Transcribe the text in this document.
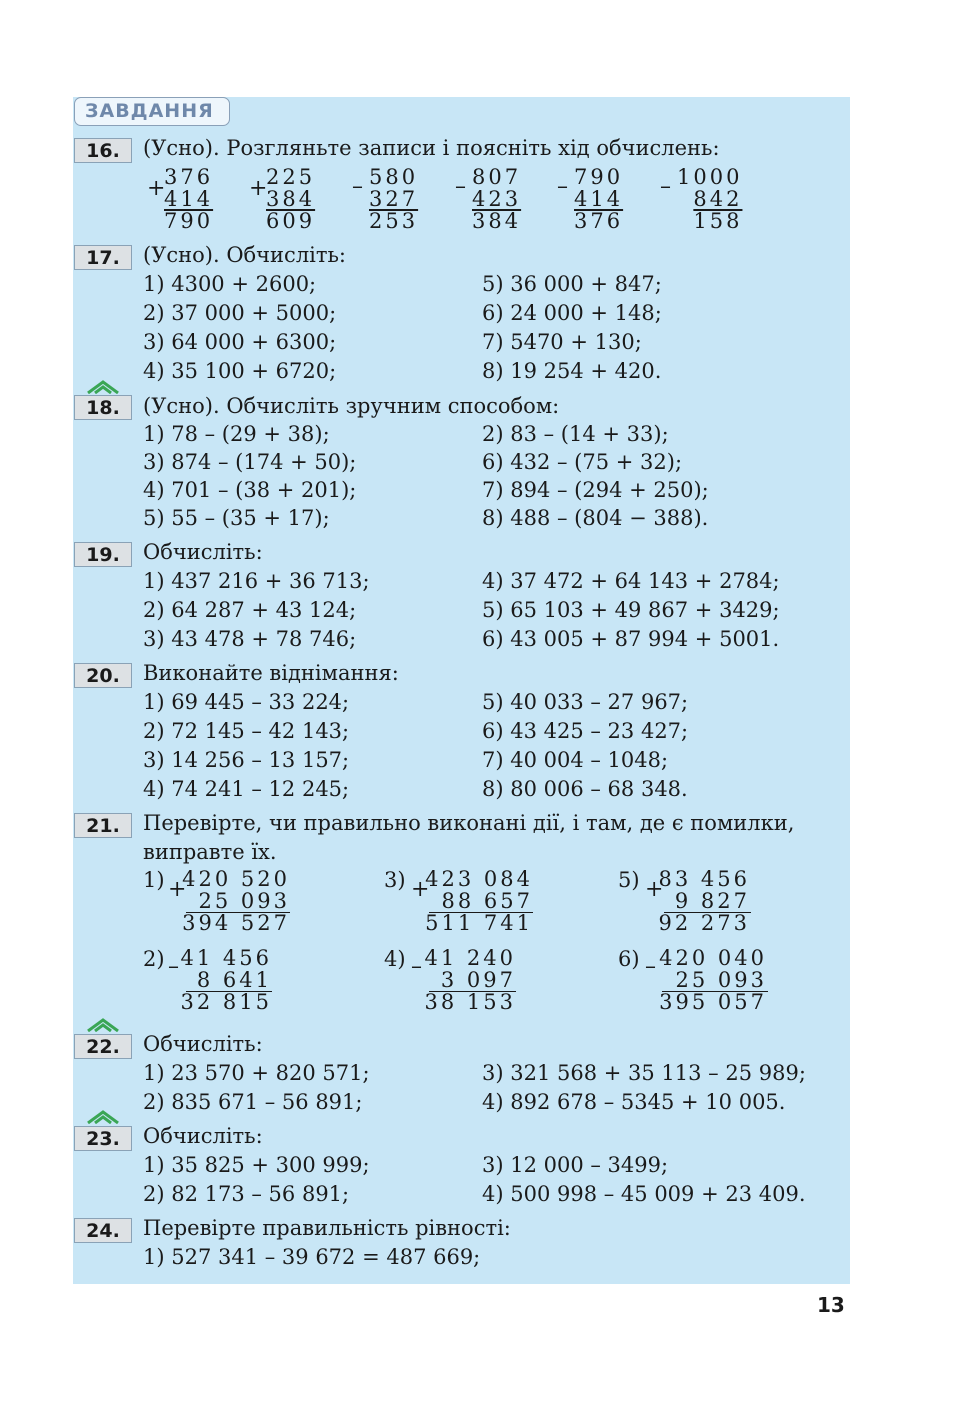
ЗАВДАННЯ
16.	(Усно). Розгляньте записи і поясніть хід обчислень:
+
376
414
790
+
225
384
609
– 580
327
253
– 807
423
384
– 790
414
376
– 1000
842
158
17.	(Усно). Обчисліть:
1) 4300 + 2600;
2) 37 000 + 5000;
3) 64 000 + 6300;
4) 35 100 + 6720;
5) 36 000 + 847;
6) 24 000 + 148;
7) 5470 + 130;
8) 19 254 + 420.
18.	(Усно). Обчисліть зручним способом:
1) 78 – (29 + 38);
3) 874 – (174 + 50);
4) 701 – (38 + 201);
5) 55 – (35 + 17);
2) 83 – (14 + 33);
6) 432 – (75 + 32);
7) 894 – (294 + 250);
8) 488 – (804 − 388).
19.	Обчисліть:
1) 437 216 + 36 713;
2) 64 287 + 43 124;
3) 43 478 + 78 746;
4) 37 472 + 64 143 + 2784;
5) 65 103 + 49 867 + 3429;
6) 43 005 + 87 994 + 5001.
20.	Виконайте віднімання:
1) 69 445 – 33 224;
2) 72 145 – 42 143;
3) 14 256 – 13 157;
4) 74 241 – 12 245;
5) 40 033 – 27 967;
6) 43 425 – 23 427;
7) 40 004 – 1048;
8) 80 006 – 68 348.
21.	Перевірте, чи правильно виконані дії, і там, де є помилки,
виправте їх.
1) +
420 520
25 093
394 527
3) +
423 084
88 657
511 741
5) +
83 456
9 827
92 273
2) – 41 456
8 641
32 815
4) – 41 240
3 097
38 153
6) – 420 040
25 093
395 057
22.	Обчисліть:
1) 23 570 + 820 571;
2) 835 671 – 56 891;
3) 321 568 + 35 113 – 25 989;
4) 892 678 – 5345 + 10 005.
23.	Обчисліть:
1) 35 825 + 300 999;
2) 82 173 – 56 891;
3) 12 000 – 3499;
4) 500 998 – 45 009 + 23 409.
24.	Перевірте правильність рівності:
1) 527 341 – 39 672 = 487 669;
13
